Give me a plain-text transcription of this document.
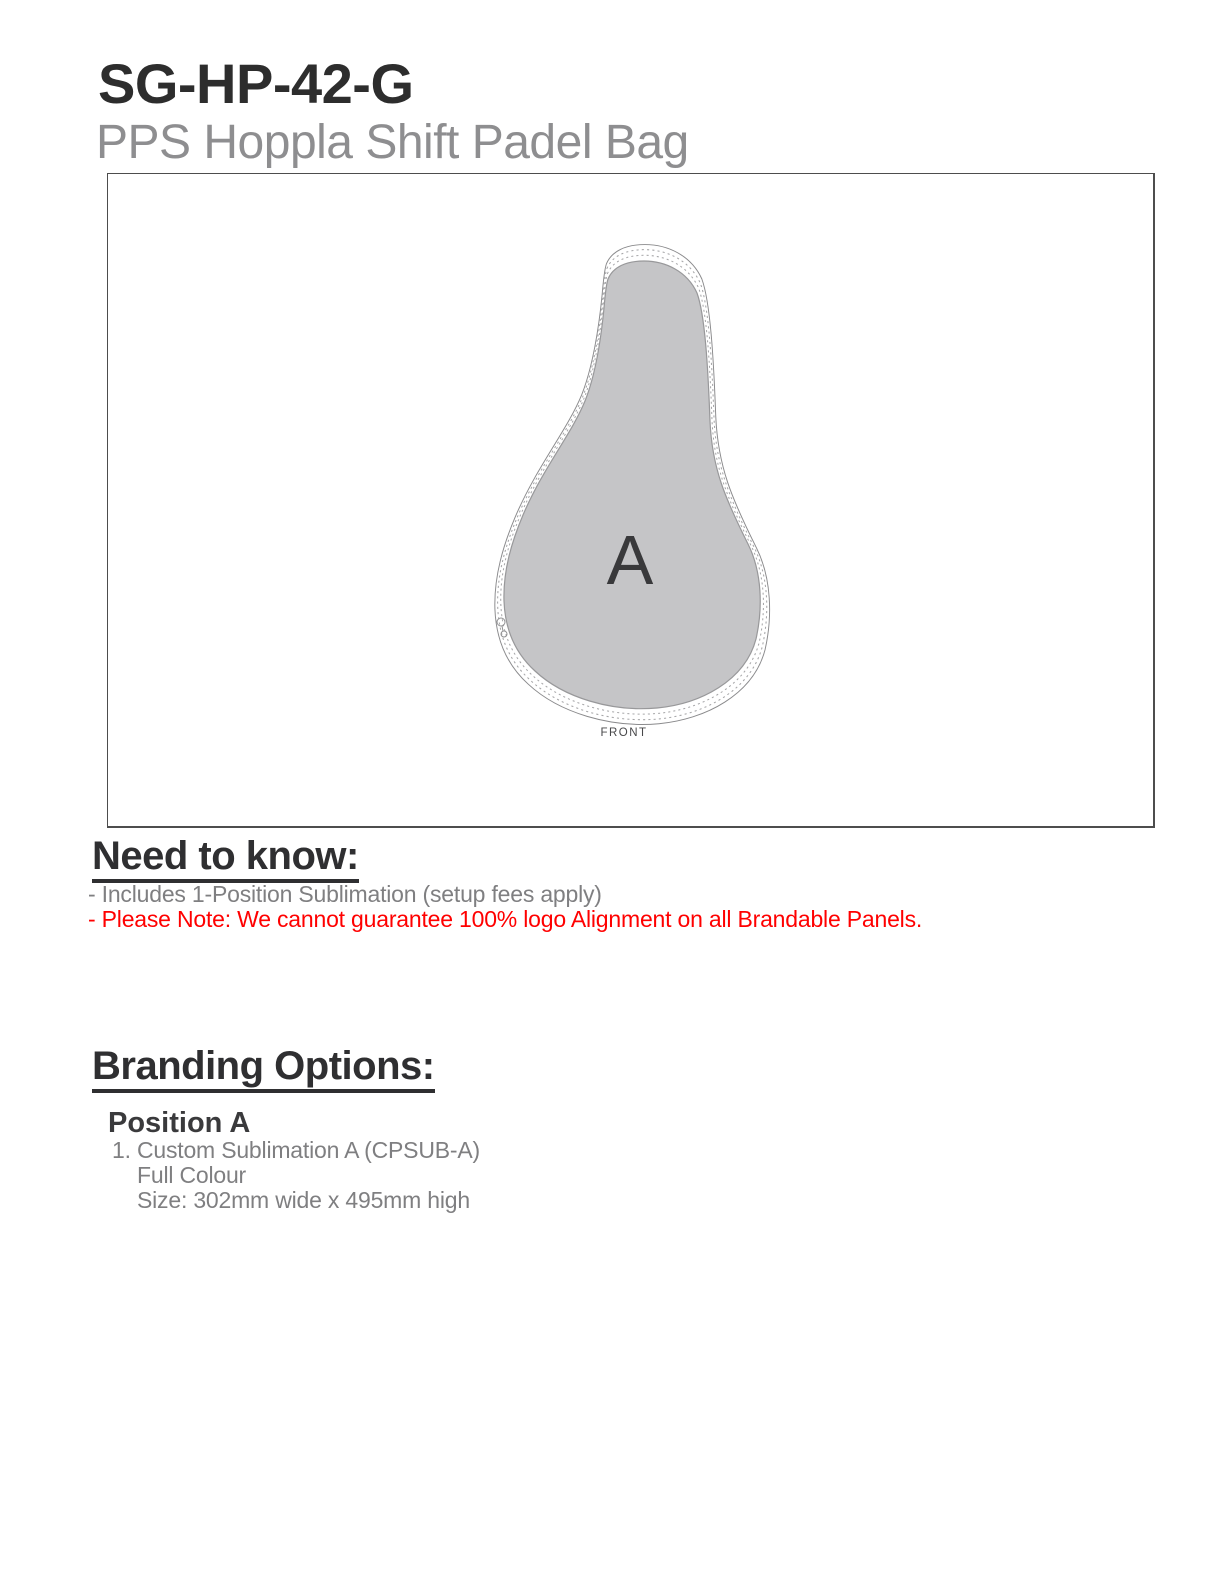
SG-HP-42-G
PPS Hoppla Shift Padel Bag
A
FRONT
Need to know:
- Includes 1-Position Sublimation (setup fees apply)
- Please Note: We cannot guarantee 100% logo Alignment on all Brandable Panels.
Branding Options:
Position A
1. Custom Sublimation A (CPSUB-A)
Full Colour
Size: 302mm wide x 495mm high
